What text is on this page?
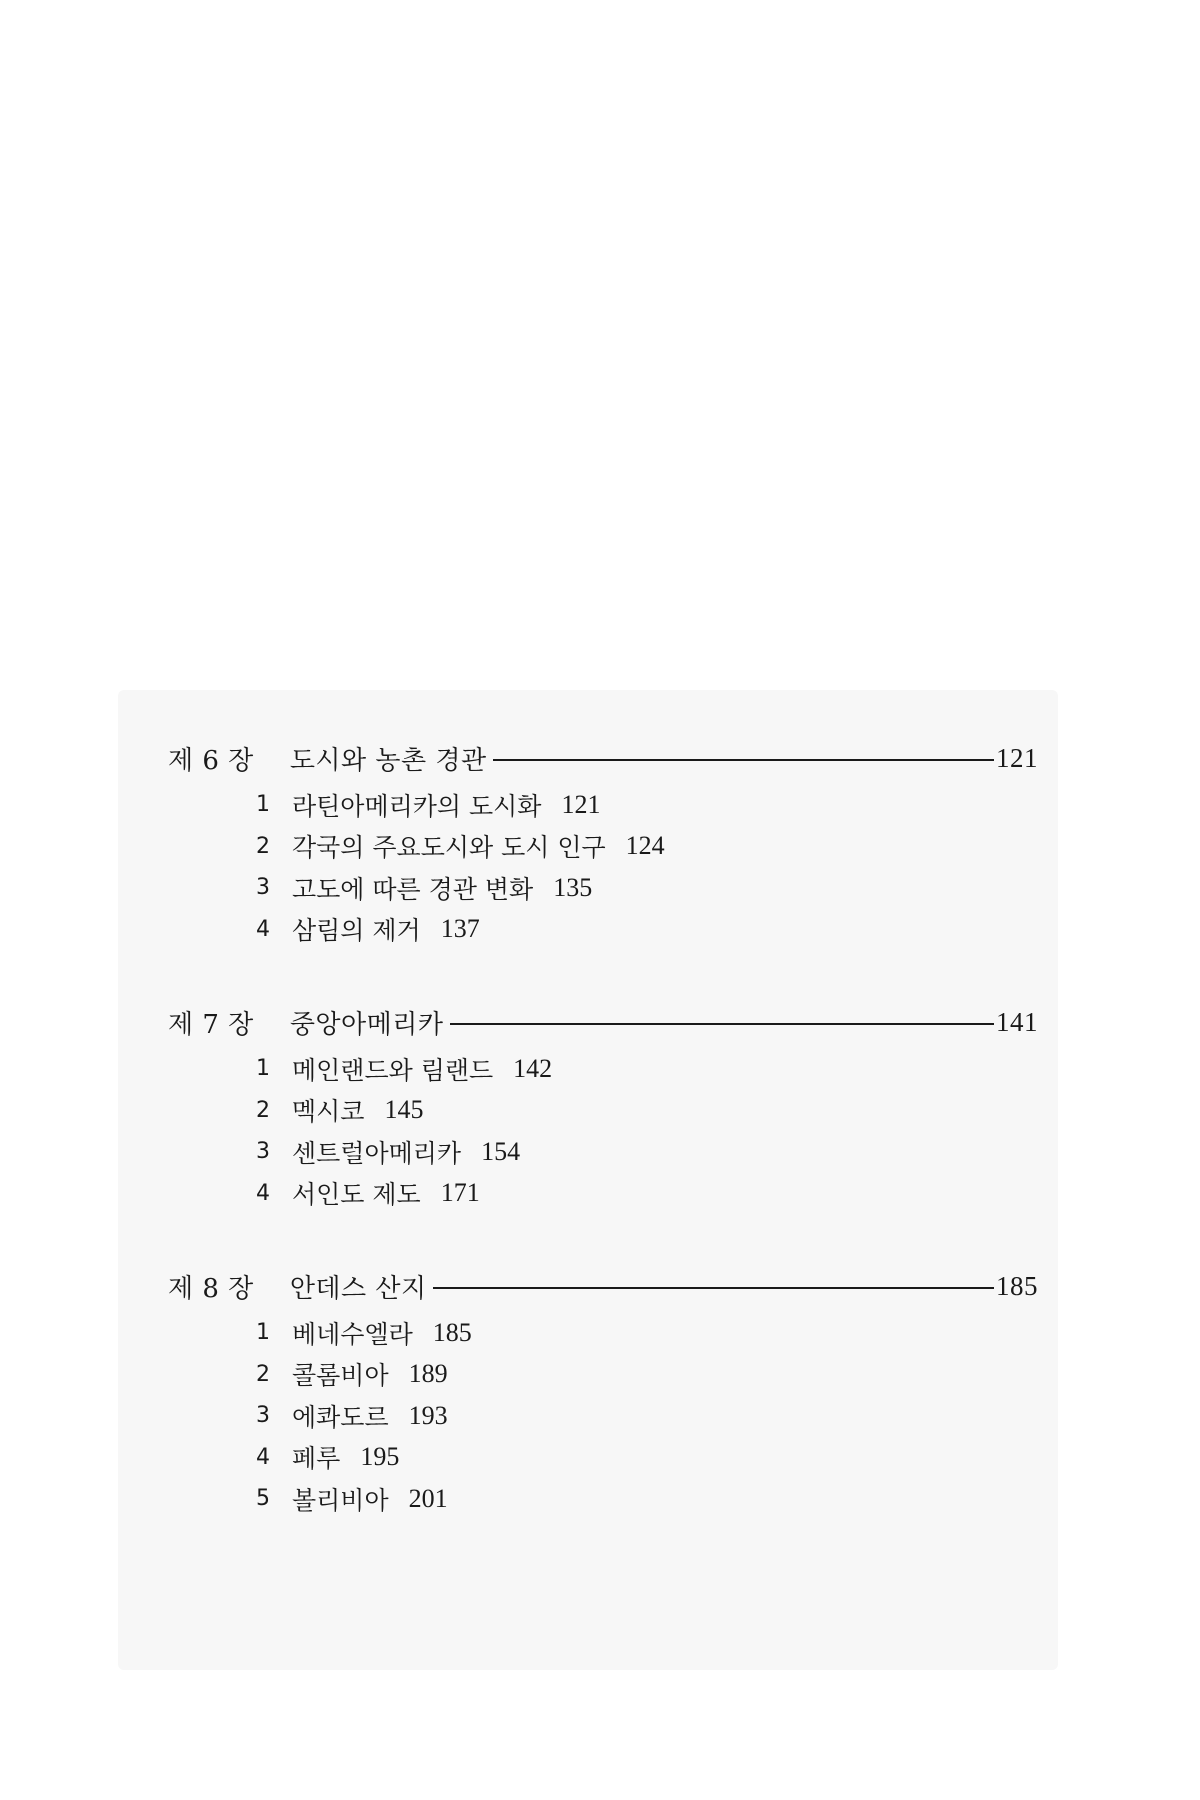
제 6 장 도시와 농촌 경관	121
1 라틴아메리카의 도시화 121
2 각국의 주요도시와 도시 인구 124
3 고도에 따른 경관 변화 135
4 삼림의 제거 137
제 7 장 중앙아메리카	141
1 메인랜드와 림랜드 142
2 멕시코 145
3 센트럴아메리카 154
4 서인도 제도 171
제 8 장 안데스 산지	185
1 베네수엘라 185
2 콜롬비아 189
3 에콰도르 193
4 페루 195
5 볼리비아 201
